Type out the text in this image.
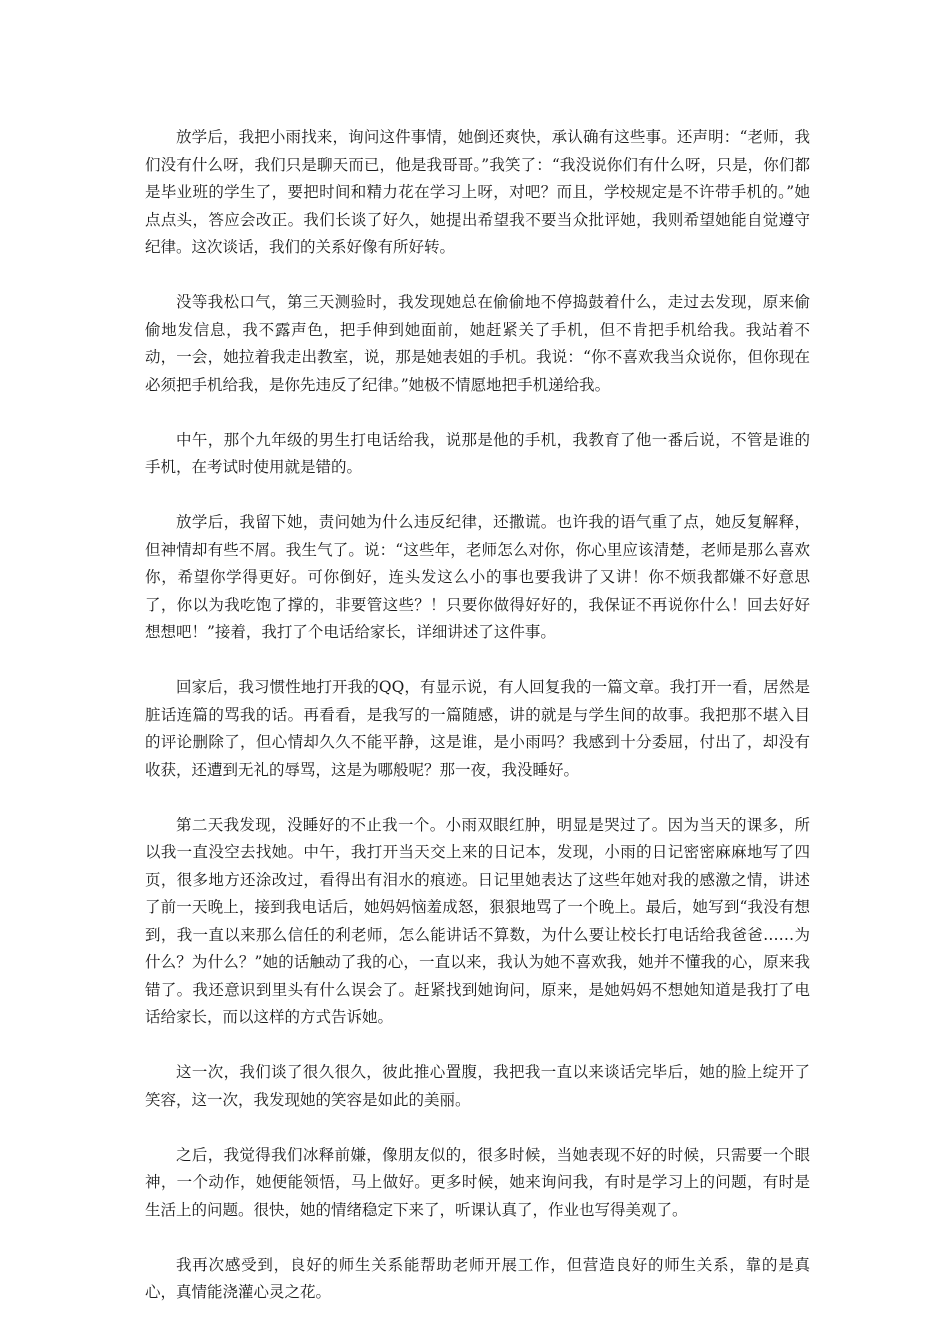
放学后，我把小雨找来，询问这件事情，她倒还爽快，承认确有这些事。还声明：“老师，我们没有什么呀，我们只是聊天而已，他是我哥哥。”我笑了：“我没说你们有什么呀，只是，你们都是毕业班的学生了，要把时间和精力花在学习上呀，对吧？而且，学校规定是不许带手机的。”她点点头，答应会改正。我们长谈了好久，她提出希望我不要当众批评她，我则希望她能自觉遵守纪律。这次谈话，我们的关系好像有所好转。

没等我松口气，第三天测验时，我发现她总在偷偷地不停捣鼓着什么，走过去发现，原来偷偷地发信息，我不露声色，把手伸到她面前，她赶紧关了手机，但不肯把手机给我。我站着不动，一会，她拉着我走出教室，说，那是她表姐的手机。我说：“你不喜欢我当众说你，但你现在必须把手机给我，是你先违反了纪律。”她极不情愿地把手机递给我。

中午，那个九年级的男生打电话给我，说那是他的手机，我教育了他一番后说，不管是谁的手机，在考试时使用就是错的。

放学后，我留下她，责问她为什么违反纪律，还撒谎。也许我的语气重了点，她反复解释，但神情却有些不屑。我生气了。说：“这些年，老师怎么对你，你心里应该清楚，老师是那么喜欢你，希望你学得更好。可你倒好，连头发这么小的事也要我讲了又讲！你不烦我都嫌不好意思了，你以为我吃饱了撑的，非要管这些？！只要你做得好好的，我保证不再说你什么！回去好好想想吧！”接着，我打了个电话给家长，详细讲述了这件事。

回家后，我习惯性地打开我的QQ，有显示说，有人回复我的一篇文章。我打开一看，居然是脏话连篇的骂我的话。再看看，是我写的一篇随感，讲的就是与学生间的故事。我把那不堪入目的评论删除了，但心情却久久不能平静，这是谁，是小雨吗？我感到十分委屈，付出了，却没有收获，还遭到无礼的辱骂，这是为哪般呢？那一夜，我没睡好。

第二天我发现，没睡好的不止我一个。小雨双眼红肿，明显是哭过了。因为当天的课多，所以我一直没空去找她。中午，我打开当天交上来的日记本，发现，小雨的日记密密麻麻地写了四页，很多地方还涂改过，看得出有泪水的痕迹。日记里她表达了这些年她对我的感激之情，讲述了前一天晚上，接到我电话后，她妈妈恼羞成怒，狠狠地骂了一个晚上。最后，她写到“我没有想到，我一直以来那么信任的利老师，怎么能讲话不算数，为什么要让校长打电话给我爸爸……为什么？为什么？”她的话触动了我的心，一直以来，我认为她不喜欢我，她并不懂我的心，原来我错了。我还意识到里头有什么误会了。赶紧找到她询问，原来，是她妈妈不想她知道是我打了电话给家长，而以这样的方式告诉她。

这一次，我们谈了很久很久，彼此推心置腹，我把我一直以来谈话完毕后，她的脸上绽开了笑容，这一次，我发现她的笑容是如此的美丽。

之后，我觉得我们冰释前嫌，像朋友似的，很多时候，当她表现不好的时候，只需要一个眼神，一个动作，她便能领悟，马上做好。更多时候，她来询问我，有时是学习上的问题，有时是生活上的问题。很快，她的情绪稳定下来了，听课认真了，作业也写得美观了。

我再次感受到，良好的师生关系能帮助老师开展工作，但营造良好的师生关系，靠的是真心，真情能浇灌心灵之花。
